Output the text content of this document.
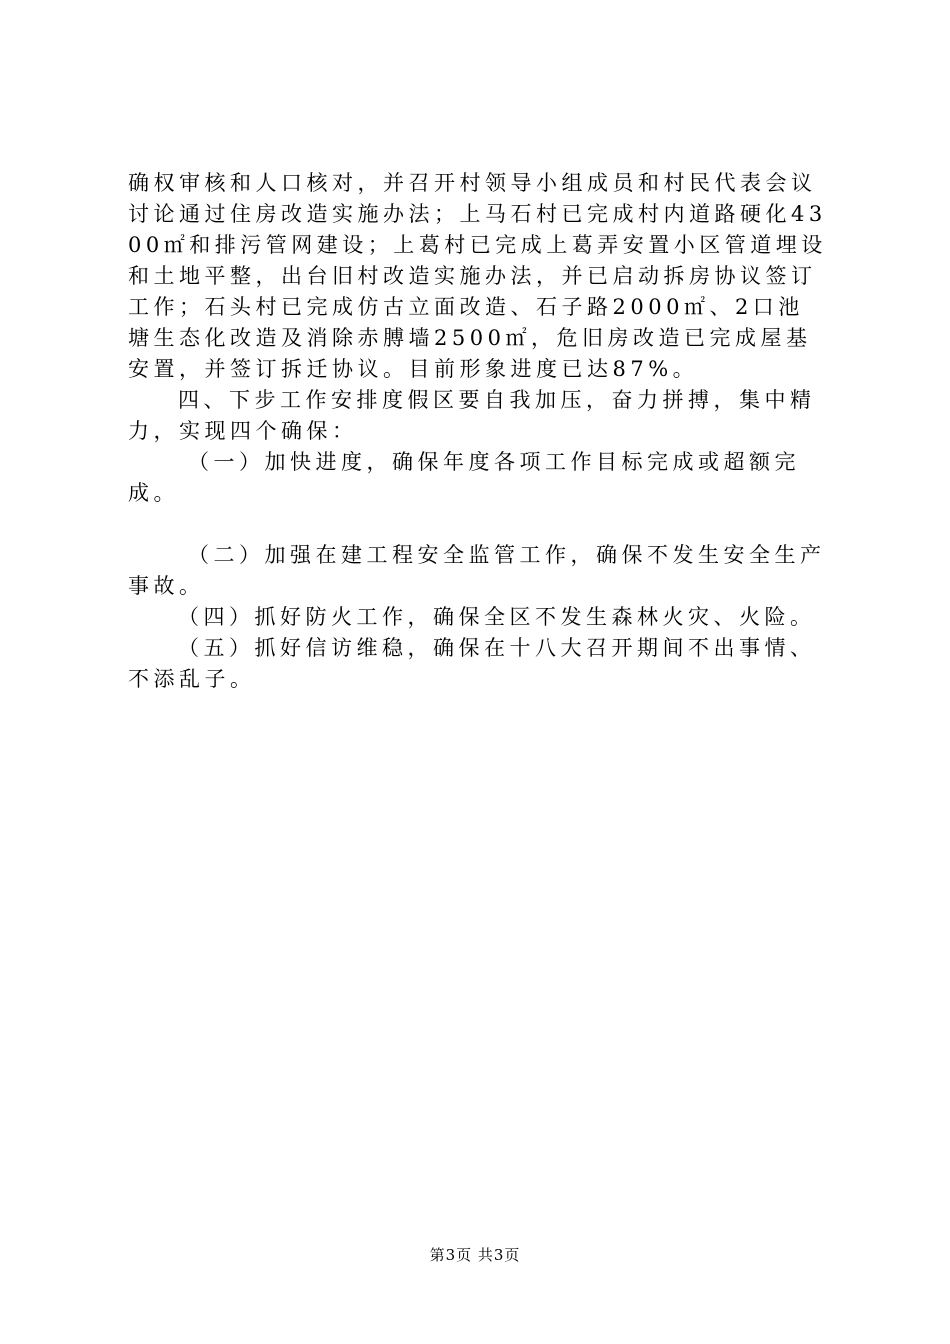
确权审核和人口核对，并召开村领导小组成员和村民代表会议讨论通过住房改造实施办法；上马石村已完成村内道路硬化4300㎡和排污管网建设；上葛村已完成上葛弄安置小区管道埋设和土地平整，出台旧村改造实施办法，并已启动拆房协议签订工作；石头村已完成仿古立面改造、石子路2000㎡、2口池塘生态化改造及消除赤膊墙2500㎡，危旧房改造已完成屋基安置，并签订拆迁协议。目前形象进度已达87%。

四、下步工作安排度假区要自我加压，奋力拼搏，集中精力，实现四个确保：

（一）加快进度，确保年度各项工作目标完成或超额完成。

（二）加强在建工程安全监管工作，确保不发生安全生产事故。

（四）抓好防火工作，确保全区不发生森林火灾、火险。

（五）抓好信访维稳，确保在十八大召开期间不出事情、不添乱子。

第3页 共3页
